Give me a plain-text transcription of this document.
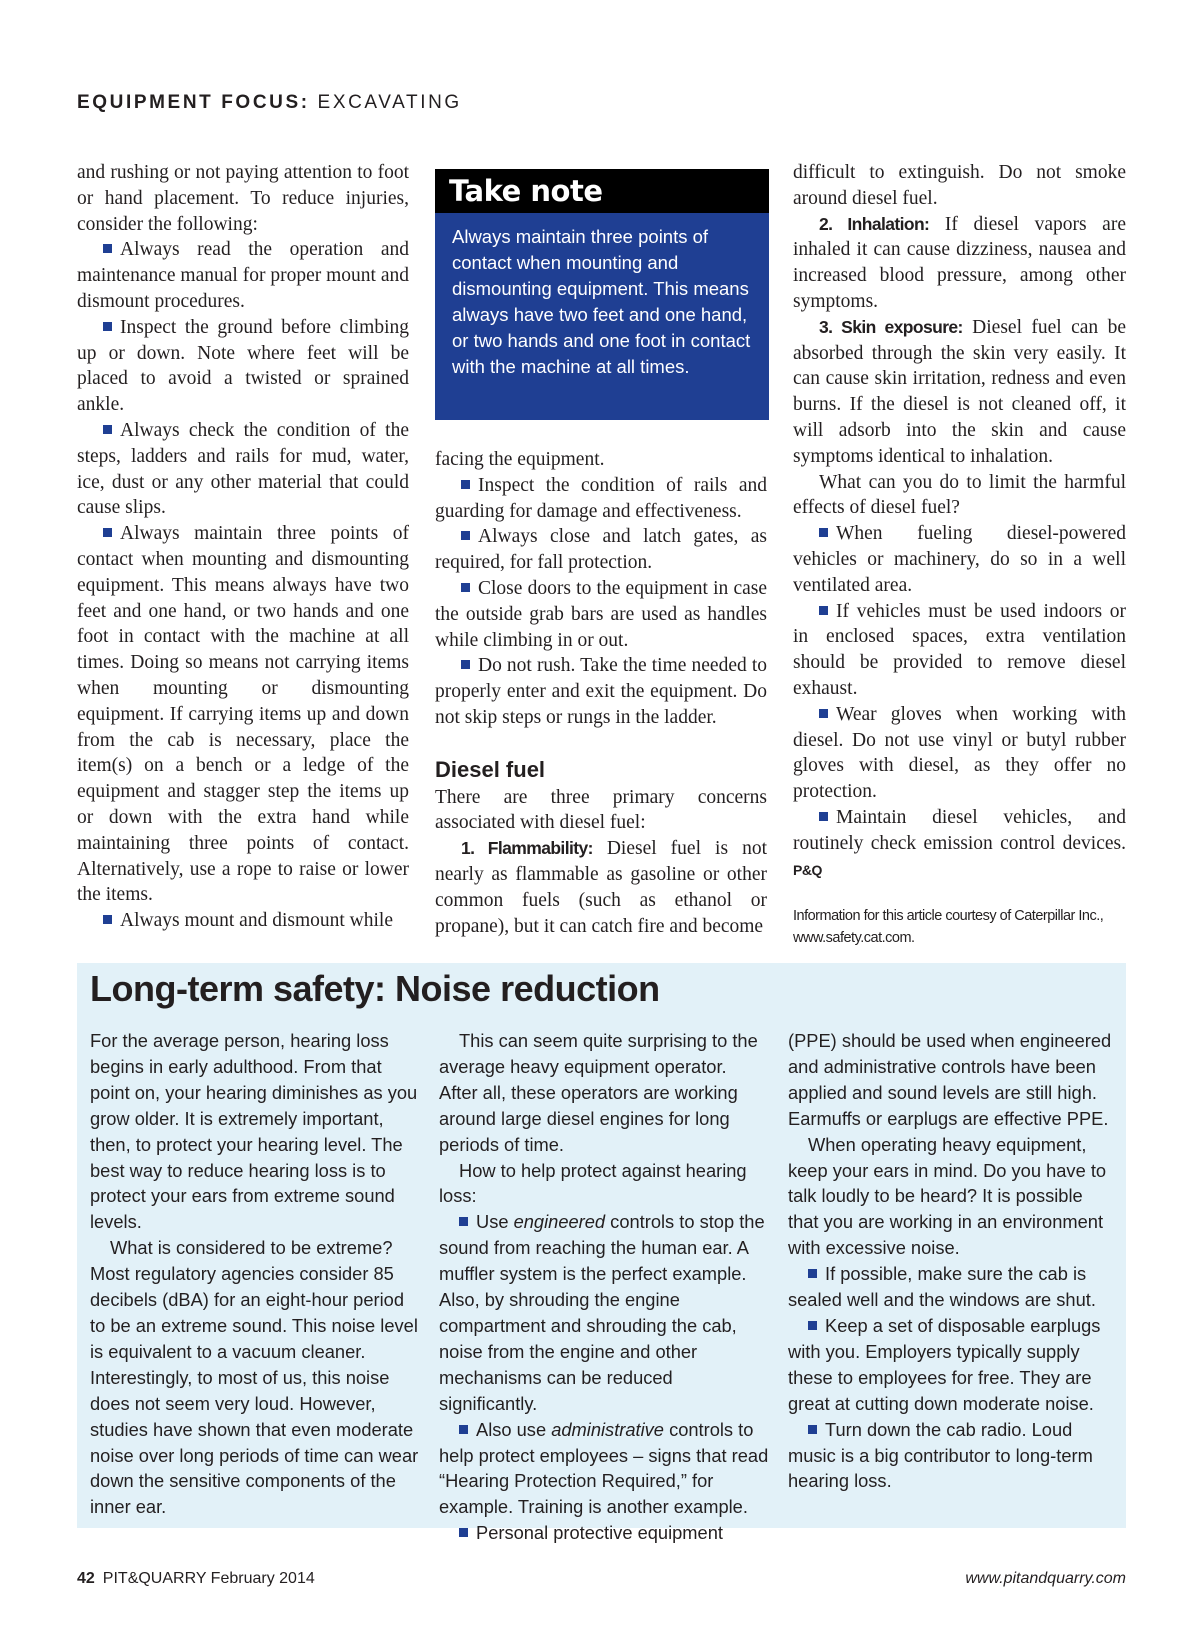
EQUIPMENT FOCUS: EXCAVATING

and rushing or not paying attention to foot or hand placement. To reduce injuries, consider the following:

Always read the operation and maintenance manual for proper mount and dismount procedures.

Inspect the ground before climbing up or down. Note where feet will be placed to avoid a twisted or sprained ankle.

Always check the condition of the steps, ladders and rails for mud, water, ice, dust or any other material that could cause slips.

Always maintain three points of contact when mounting and dismounting equipment. This means always have two feet and one hand, or two hands and one foot in contact with the machine at all times. Doing so means not carrying items when mounting or dismounting equipment. If carrying items up and down from the cab is necessary, place the item(s) on a bench or a ledge of the equipment and stagger step the items up or down with the extra hand while maintaining three points of contact. Alternatively, use a rope to raise or lower the items.

Always mount and dismount while

Take note
Always maintain three points of contact when mounting and dismounting equipment. This means always have two feet and one hand, or two hands and one foot in contact with the machine at all times.

facing the equipment.

Inspect the condition of rails and guarding for damage and effectiveness.

Always close and latch gates, as required, for fall protection.

Close doors to the equipment in case the outside grab bars are used as handles while climbing in or out.

Do not rush. Take the time needed to properly enter and exit the equipment. Do not skip steps or rungs in the ladder.

Diesel fuel

There are three primary concerns associated with diesel fuel:

1. Flammability: Diesel fuel is not nearly as flammable as gasoline or other common fuels (such as ethanol or propane), but it can catch fire and become

difficult to extinguish. Do not smoke around diesel fuel.

2. Inhalation: If diesel vapors are inhaled it can cause dizziness, nausea and increased blood pressure, among other symptoms.

3. Skin exposure: Diesel fuel can be absorbed through the skin very easily. It can cause skin irritation, redness and even burns. If the diesel is not cleaned off, it will adsorb into the skin and cause symptoms identical to inhalation.

What can you do to limit the harmful effects of diesel fuel?

When fueling diesel-powered vehicles or machinery, do so in a well ventilated area.

If vehicles must be used indoors or in enclosed spaces, extra ventilation should be provided to remove diesel exhaust.

Wear gloves when working with diesel. Do not use vinyl or butyl rubber gloves with diesel, as they offer no protection.

Maintain diesel vehicles, and routinely check emission control devices. P&Q

Information for this article courtesy of Caterpillar Inc., www.safety.cat.com.

Long-term safety: Noise reduction

For the average person, hearing loss begins in early adulthood. From that point on, your hearing diminishes as you grow older. It is extremely important, then, to protect your hearing level. The best way to reduce hearing loss is to protect your ears from extreme sound levels.

What is considered to be extreme? Most regulatory agencies consider 85 decibels (dBA) for an eight-hour period to be an extreme sound. This noise level is equivalent to a vacuum cleaner. Interestingly, to most of us, this noise does not seem very loud. However, studies have shown that even moderate noise over long periods of time can wear down the sensitive components of the inner ear.

This can seem quite surprising to the average heavy equipment operator. After all, these operators are working around large diesel engines for long periods of time.

How to help protect against hearing loss:

Use engineered controls to stop the sound from reaching the human ear. A muffler system is the perfect example. Also, by shrouding the engine compartment and shrouding the cab, noise from the engine and other mechanisms can be reduced significantly.

Also use administrative controls to help protect employees – signs that read “Hearing Protection Required,” for example. Training is another example.

Personal protective equipment

(PPE) should be used when engineered and administrative controls have been applied and sound levels are still high. Earmuffs or earplugs are effective PPE.

When operating heavy equipment, keep your ears in mind. Do you have to talk loudly to be heard? It is possible that you are working in an environment with excessive noise.

If possible, make sure the cab is sealed well and the windows are shut.

Keep a set of disposable earplugs with you. Employers typically supply these to employees for free. They are great at cutting down moderate noise.

Turn down the cab radio. Loud music is a big contributor to long-term hearing loss.

42 PIT&QUARRY February 2014	www.pitandquarry.com
